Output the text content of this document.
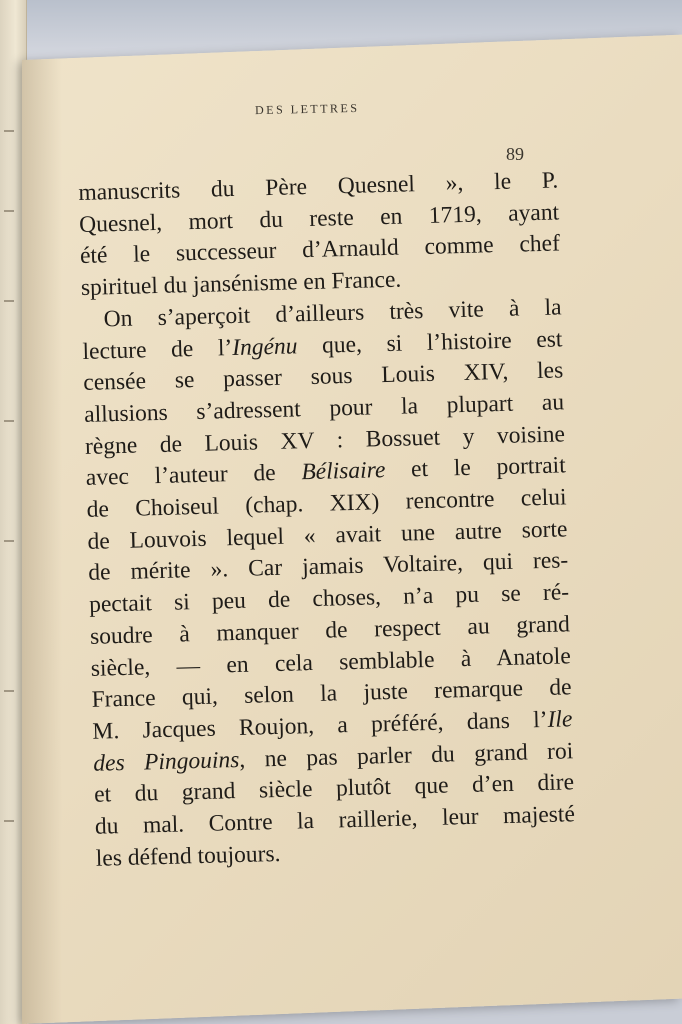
DES LETTRES
89
manuscrits du Père Quesnel », le P.
Quesnel, mort du reste en 1719, ayant
été le successeur d’Arnauld comme chef
spirituel du jansénisme en France.
On s’aperçoit d’ailleurs très vite à la
lecture de l’Ingénu que, si l’histoire est
censée se passer sous Louis XIV, les
allusions s’adressent pour la plupart au
règne de Louis XV : Bossuet y voisine
avec l’auteur de Bélisaire et le portrait
de Choiseul (chap. XIX) rencontre celui
de Louvois lequel « avait une autre sorte
de mérite ». Car jamais Voltaire, qui res-
pectait si peu de choses, n’a pu se ré-
soudre à manquer de respect au grand
siècle, — en cela semblable à Anatole
France qui, selon la juste remarque de
M. Jacques Roujon, a préféré, dans l’Ile
des Pingouins, ne pas parler du grand roi
et du grand siècle plutôt que d’en dire
du mal. Contre la raillerie, leur majesté
les défend toujours.
